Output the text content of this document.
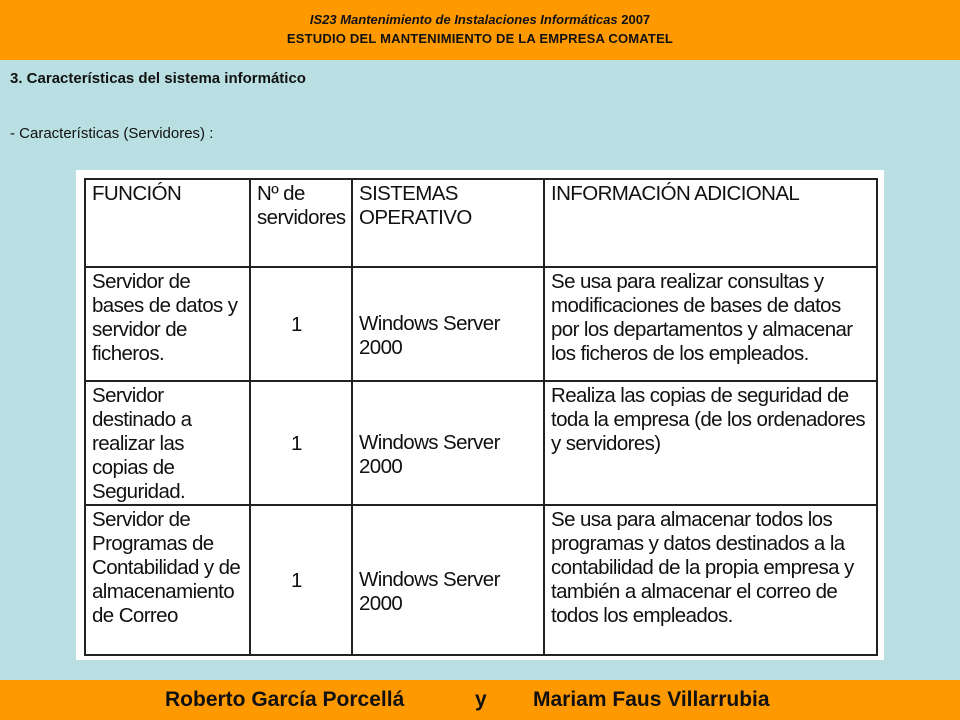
IS23 Mantenimiento de Instalaciones Informáticas 2007
ESTUDIO DEL MANTENIMIENTO DE LA EMPRESA COMATEL
3. Características del sistema informático
- Características (Servidores) :
FUNCIÓN	Nº de servidores	SISTEMAS OPERATIVO	INFORMACIÓN ADICIONAL
Servidor de bases de datos y servidor de ficheros.	1	Windows Server 2000	Se usa para realizar consultas y modificaciones de bases de datos por los departamentos y almacenar los ficheros de los empleados.
Servidor destinado a realizar las copias de Seguridad.	1	Windows Server 2000	Realiza las copias de seguridad de toda la empresa (de los ordenadores y servidores)
Servidor de Programas de Contabilidad y de almacenamiento de Correo	1	Windows Server 2000	Se usa para almacenar todos los programas y datos destinados a la contabilidad de la propia empresa y también a almacenar el correo de todos los empleados.
Roberto García Porcellá	y Mariam Faus Villarrubia
